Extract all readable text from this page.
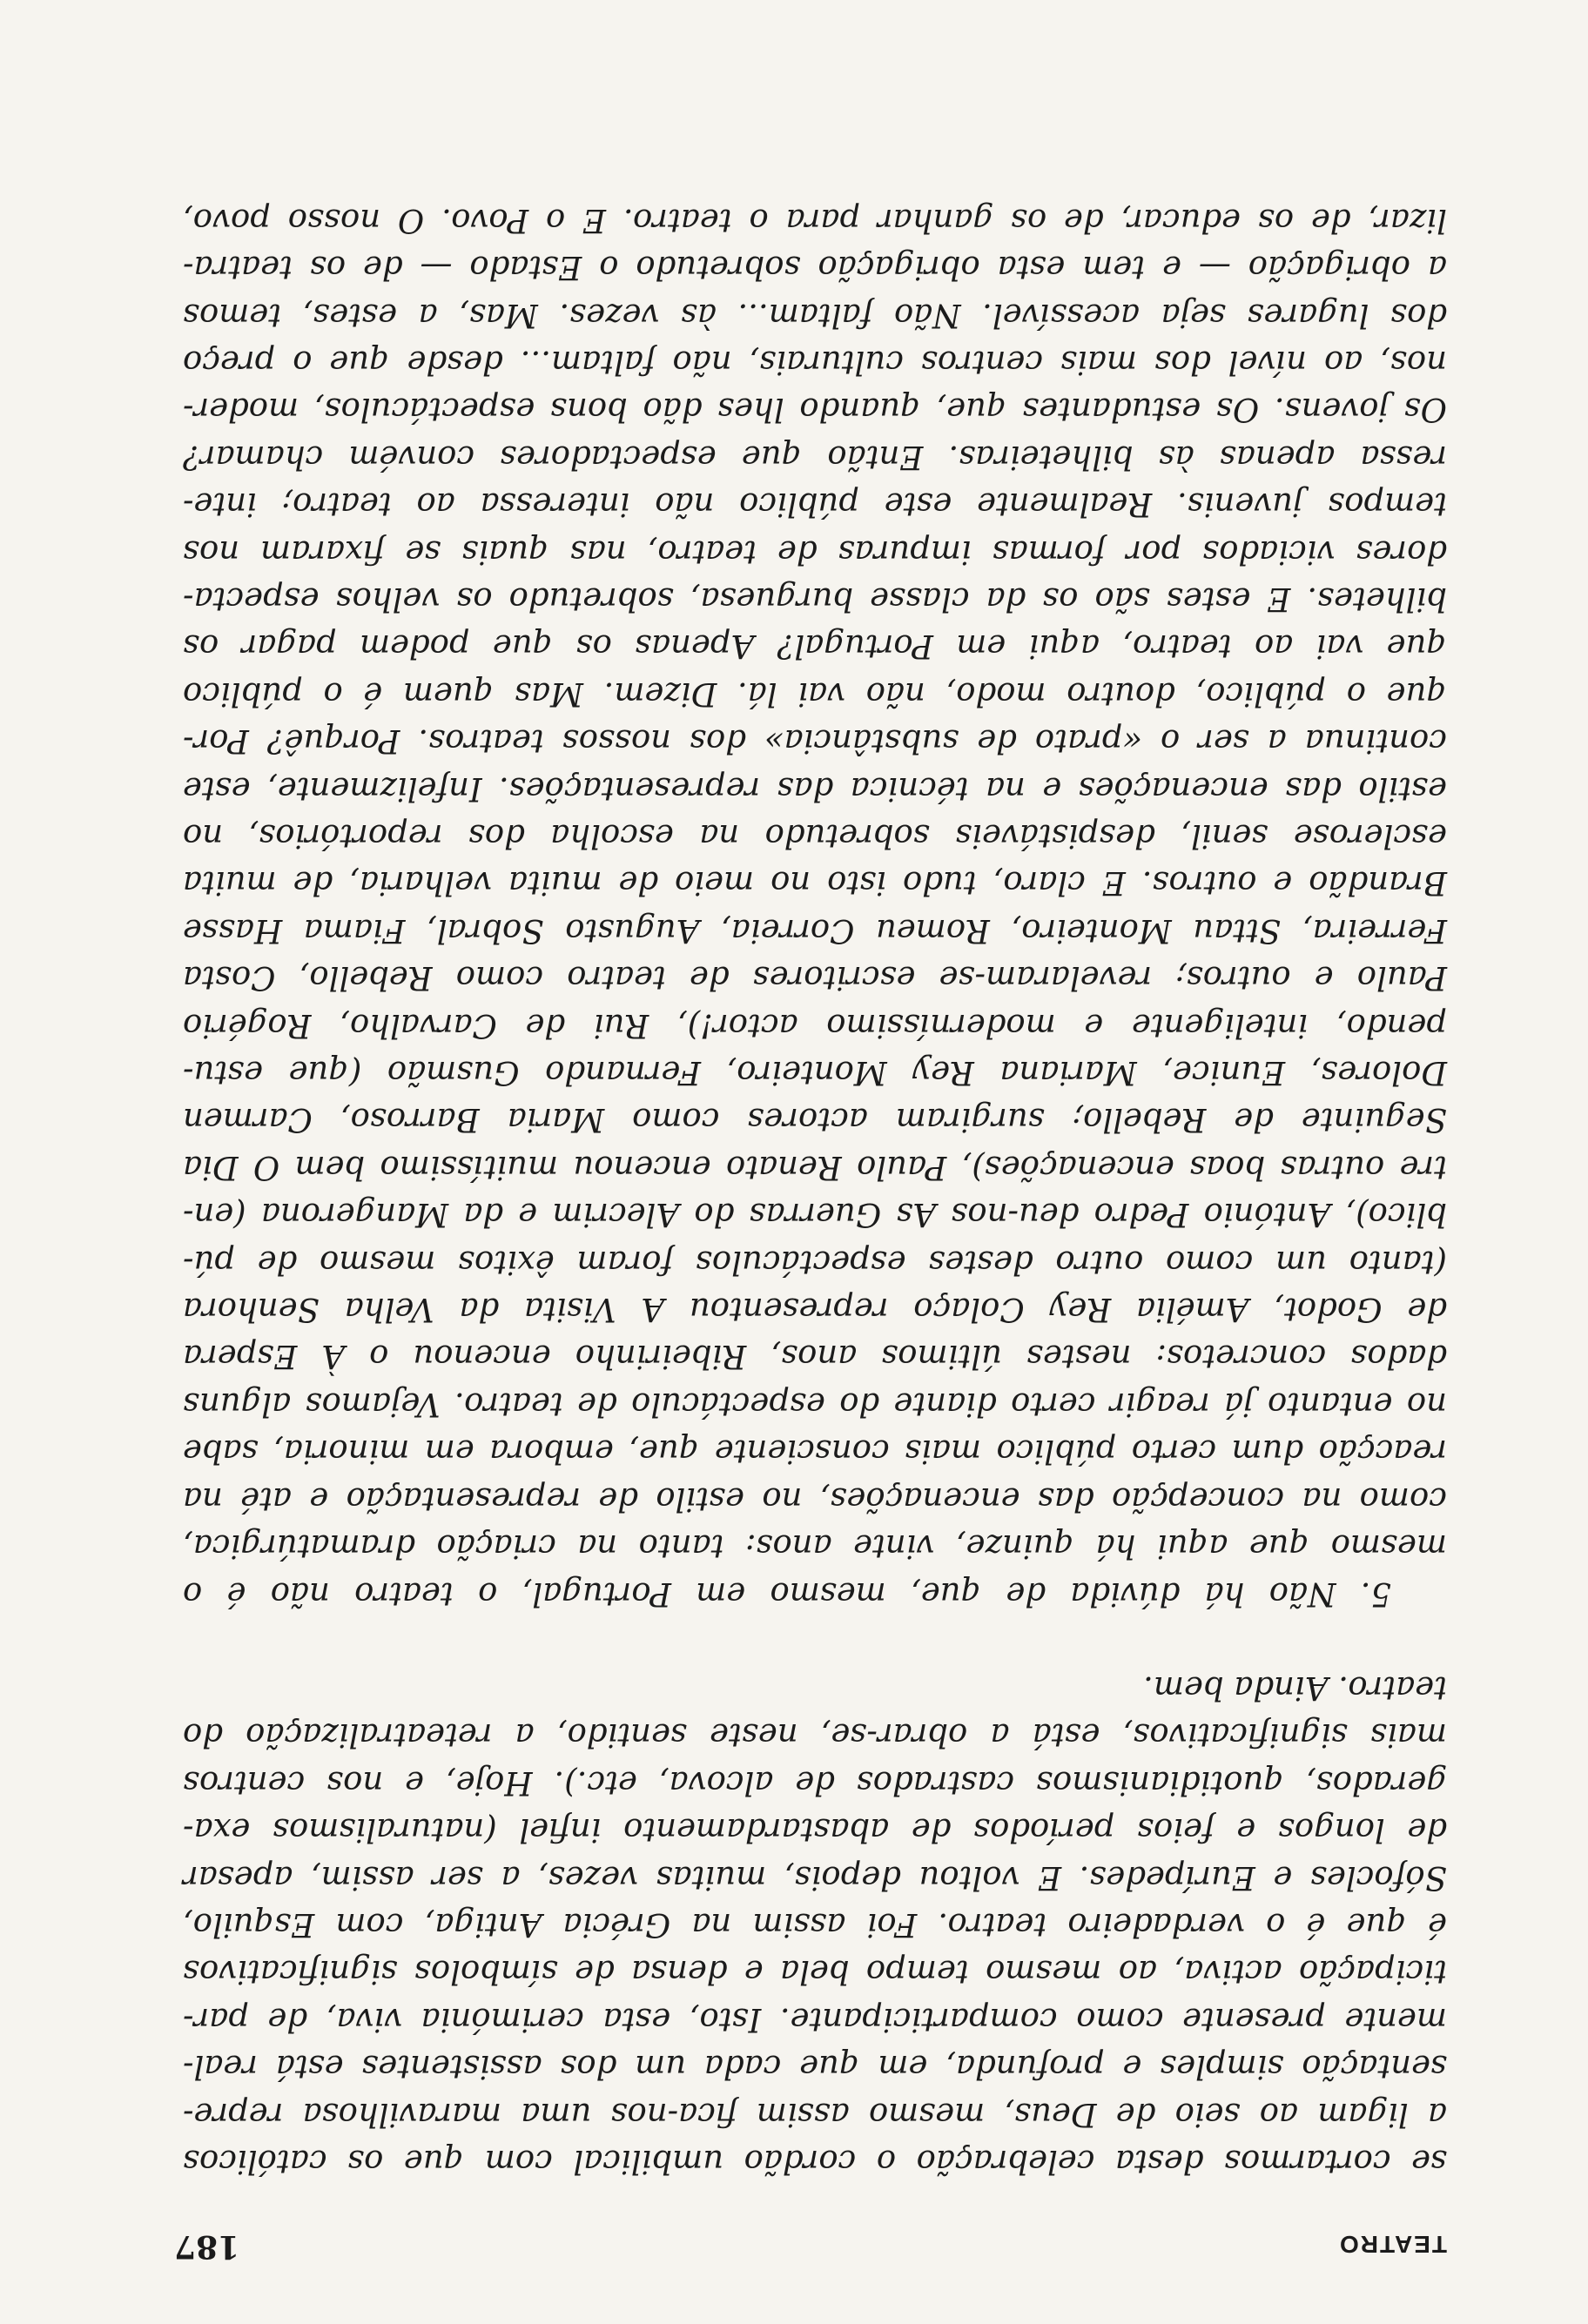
TEATRO
187
se cortarmos desta celebração o cordão umbilical com que os católicos
a ligam ao seio de Deus, mesmo assim fica-nos uma maravilhosa repre-
sentação simples e profunda, em que cada um dos assistentes está real-
mente presente como comparticipante. Isto, esta cerimónia viva, de par-
ticipação activa, ao mesmo tempo bela e densa de símbolos significativos
é que é o verdadeiro teatro. Foi assim na Grécia Antiga, com Esquilo,
Sófocles e Eurípedes. E voltou depois, muitas vezes, a ser assim, apesar
de longos e feios períodos de abastardamento infiel (naturalismos exa-
gerados, quotidianismos castrados de alcova, etc.). Hoje, e nos centros
mais significativos, está a obrar-se, neste sentido, a reteatralização do
teatro. Ainda bem.
5. Não há dúvida de que, mesmo em Portugal, o teatro não é o
mesmo que aqui há quinze, vinte anos: tanto na criação dramatúrgica,
como na concepção das encenações, no estilo de representação e até na
reacção dum certo público mais consciente que, embora em minoria, sabe
no entanto já reagir certo diante do espectáculo de teatro. Vejamos alguns
dados concretos: nestes últimos anos, Ribeirinho encenou o À Espera
de Godot, Amélia Rey Colaço representou A Visita da Velha Senhora
(tanto um como outro destes espectáculos foram êxitos mesmo de pú-
blico), António Pedro deu-nos As Guerras do Alecrim e da Mangerona (en-
tre outras boas encenações), Paulo Renato encenou muitíssimo bem O Dia
Seguinte de Rebello; surgiram actores como Maria Barroso, Carmen
Dolores, Eunice, Mariana Rey Monteiro, Fernando Gusmão (que estu-
pendo, inteligente e moderníssimo actor!), Rui de Carvalho, Rogério
Paulo e outros; revelaram-se escritores de teatro como Rebello, Costa
Ferreira, Sttau Monteiro, Romeu Correia, Augusto Sobral, Fiama Hasse
Brandão e outros. E claro, tudo isto no meio de muita velharia, de muita
esclerose senil, despistáveis sobretudo na escolha dos reportórios, no
estilo das encenações e na técnica das representações. Infelizmente, este
continua a ser o «prato de substância» dos nossos teatros. Porquê? Por-
que o público, doutro modo, não vai lá. Dizem. Mas quem é o público
que vai ao teatro, aqui em Portugal? Apenas os que podem pagar os
bilhetes. E estes são os da classe burguesa, sobretudo os velhos especta-
dores viciados por formas impuras de teatro, nas quais se fixaram nos
tempos juvenis. Realmente este público não interessa ao teatro; inte-
ressa apenas às bilheteiras. Então que espectadores convém chamar?
Os jovens. Os estudantes que, quando lhes dão bons espectáculos, moder-
nos, ao nível dos mais centros culturais, não faltam... desde que o preço
dos lugares seja acessível. Não faltam... às vezes. Mas, a estes, temos
a obrigação — e tem esta obrigação sobretudo o Estado — de os teatra-
lizar, de os educar, de os ganhar para o teatro. E o Povo. O nosso povo,
